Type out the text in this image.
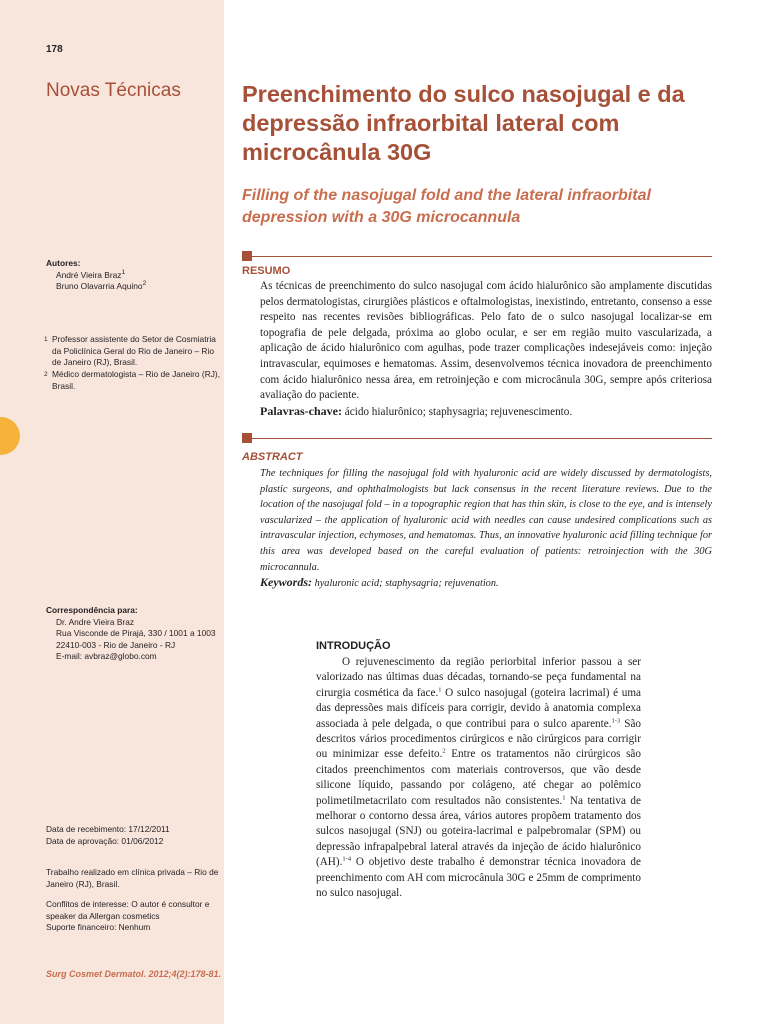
178
Novas Técnicas
Autores:
André Vieira Braz$^1$
Bruno Olavarria Aquino$^2$
1 Professor assistente do Setor de Cosmiatria da Policlínica Geral do Rio de Janeiro – Rio de Janeiro (RJ), Brasil.
2 Médico dermatologista – Rio de Janeiro (RJ), Brasil.
Correspondência para:
Dr. Andre Vieira Braz
Rua Visconde de Pirajá, 330 / 1001 a 1003
22410-003 - Rio de Janeiro - RJ
E-mail: avbraz@globo.com
Data de recebimento: 17/12/2011
Data de aprovação: 01/06/2012
Trabalho realizado em clínica privada – Rio de Janeiro (RJ), Brasil.
Conflitos de interesse: O autor é consultor e speaker da Allergan cosmetics
Suporte financeiro: Nenhum
Surg Cosmet Dermatol. 2012;4(2):178-81.
Preenchimento do sulco nasojugal e da depressão infraorbital lateral com microcânula 30G
Filling of the nasojugal fold and the lateral infraorbital depression with a 30G microcannula
RESUMO
As técnicas de preenchimento do sulco nasojugal com ácido hialurônico são amplamente discutidas pelos dermatologistas, cirurgiões plásticos e oftalmologistas, inexistindo, entretanto, consenso a esse respeito nas recentes revisões bibliográficas. Pelo fato de o sulco nasojugal localizar-se em topografia de pele delgada, próxima ao globo ocular, e ser em região muito vascularizada, a aplicação de ácido hialurônico com agulhas, pode trazer complicações indesejáveis como: injeção intravascular, equimoses e hematomas. Assim, desenvolvemos técnica inovadora de preenchimento com ácido hialurônico nessa área, em retroinjeção e com microcânula 30G, sempre após criteriosa avaliação do paciente.
Palavras-chave: ácido hialurônico; staphysagria; rejuvenescimento.
ABSTRACT
The techniques for filling the nasojugal fold with hyaluronic acid are widely discussed by dermatologists, plastic surgeons, and ophthalmologists but lack consensus in the recent literature reviews. Due to the location of the nasojugal fold – in a topographic region that has thin skin, is close to the eye, and is intensely vascularized – the application of hyaluronic acid with needles can cause undesired complications such as intravascular injection, echymoses, and hematomas. Thus, an innovative hyaluronic acid filling technique for this area was developed based on the careful evaluation of patients: retroinjection with the 30G microcannula.
Keywords: hyaluronic acid; staphysagria; rejuvenation.
INTRODUÇÃO
O rejuvenescimento da região periorbital inferior passou a ser valorizado nas últimas duas décadas, tornando-se peça fundamental na cirurgia cosmética da face.$^1$ O sulco nasojugal (goteira lacrimal) é uma das depressões mais difíceis para corrigir, devido à anatomia complexa associada à pele delgada, o que contribui para o sulco aparente.$^{1-3}$ São descritos vários procedimentos cirúrgicos e não cirúrgicos para corrigir ou minimizar esse defeito.$^2$ Entre os tratamentos não cirúrgicos são citados preenchimentos com materiais controversos, que vão desde silicone líquido, passando por colágeno, até chegar ao polêmico polimetilmetacrilato com resultados não consistentes.$^1$ Na tentativa de melhorar o contorno dessa área, vários autores propõem tratamento dos sulcos nasojugal (SNJ) ou goteira-lacrimal e palpebromalar (SPM) ou depressão infrapalpebral lateral através da injeção de ácido hialurônico (AH).$^{1-4}$ O objetivo deste trabalho é demonstrar técnica inovadora de preenchimento com AH com microcânula 30G e 25mm de comprimento no sulco nasojugal.
